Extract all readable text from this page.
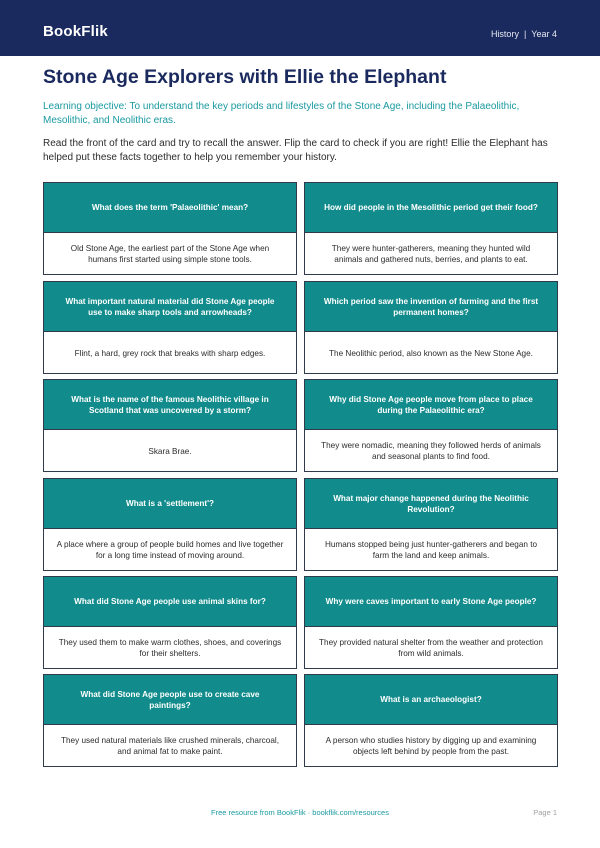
BookFlik	History | Year 4
Stone Age Explorers with Ellie the Elephant

Learning objective: To understand the key periods and lifestyles of the Stone Age, including the Palaeolithic, Mesolithic, and Neolithic eras.

Read the front of the card and try to recall the answer. Flip the card to check if you are right! Ellie the Elephant has helped put these facts together to help you remember your history.

What does the term 'Palaeolithic' mean?
Old Stone Age, the earliest part of the Stone Age when humans first started using simple stone tools.
How did people in the Mesolithic period get their food?
They were hunter-gatherers, meaning they hunted wild animals and gathered nuts, berries, and plants to eat.
What important natural material did Stone Age people use to make sharp tools and arrowheads?
Flint, a hard, grey rock that breaks with sharp edges.
Which period saw the invention of farming and the first permanent homes?
The Neolithic period, also known as the New Stone Age.
What is the name of the famous Neolithic village in Scotland that was uncovered by a storm?
Skara Brae.
Why did Stone Age people move from place to place during the Palaeolithic era?
They were nomadic, meaning they followed herds of animals and seasonal plants to find food.
What is a 'settlement'?
A place where a group of people build homes and live together for a long time instead of moving around.
What major change happened during the Neolithic Revolution?
Humans stopped being just hunter-gatherers and began to farm the land and keep animals.
What did Stone Age people use animal skins for?
They used them to make warm clothes, shoes, and coverings for their shelters.
Why were caves important to early Stone Age people?
They provided natural shelter from the weather and protection from wild animals.
What did Stone Age people use to create cave paintings?
They used natural materials like crushed minerals, charcoal, and animal fat to make paint.
What is an archaeologist?
A person who studies history by digging up and examining objects left behind by people from the past.
Free resource from BookFlik · bookflik.com/resources	Page 1
